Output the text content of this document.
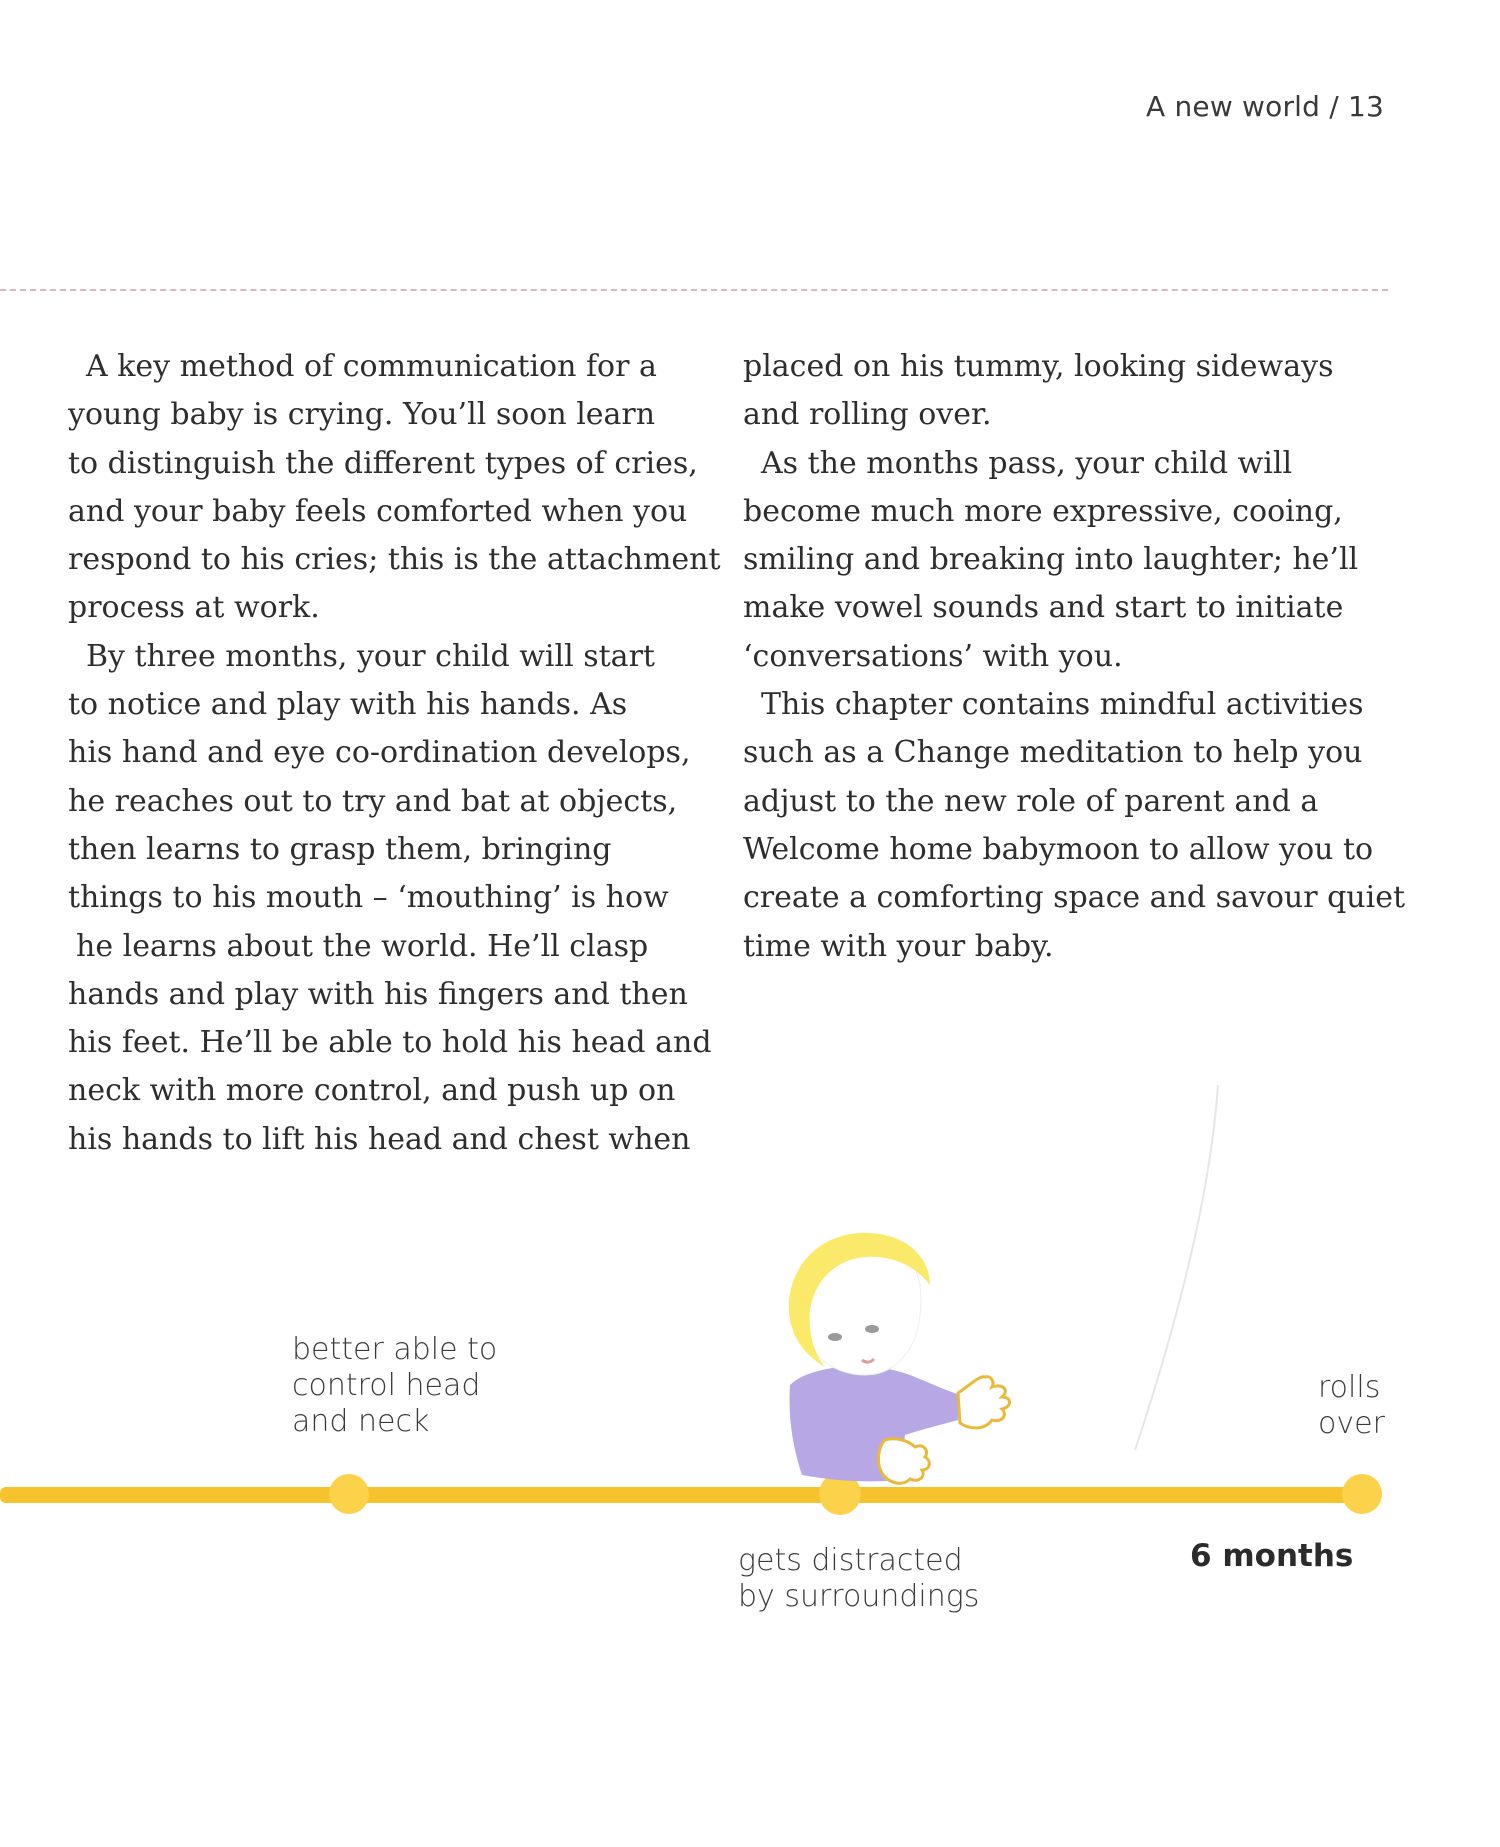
A new world / 13
A key method of communication for a
young baby is crying. You’ll soon learn
to distinguish the different types of cries,
and your baby feels comforted when you
respond to his cries; this is the attachment
process at work.
By three months, your child will start
to notice and play with his hands. As
his hand and eye co-ordination develops,
he reaches out to try and bat at objects,
then learns to grasp them, bringing
things to his mouth – ‘mouthing’ is how
he learns about the world. He’ll clasp
hands and play with his fingers and then
his feet. He’ll be able to hold his head and
neck with more control, and push up on
his hands to lift his head and chest when
placed on his tummy, looking sideways
and rolling over.
As the months pass, your child will
become much more expressive, cooing,
smiling and breaking into laughter; he’ll
make vowel sounds and start to initiate
‘conversations’ with you.
This chapter contains mindful activities
such as a Change meditation to help you
adjust to the new role of parent and a
Welcome home babymoon to allow you to
create a comforting space and savour quiet
time with your baby.
better able to
control head
and neck
rolls
over
gets distracted
by surroundings
6 months
